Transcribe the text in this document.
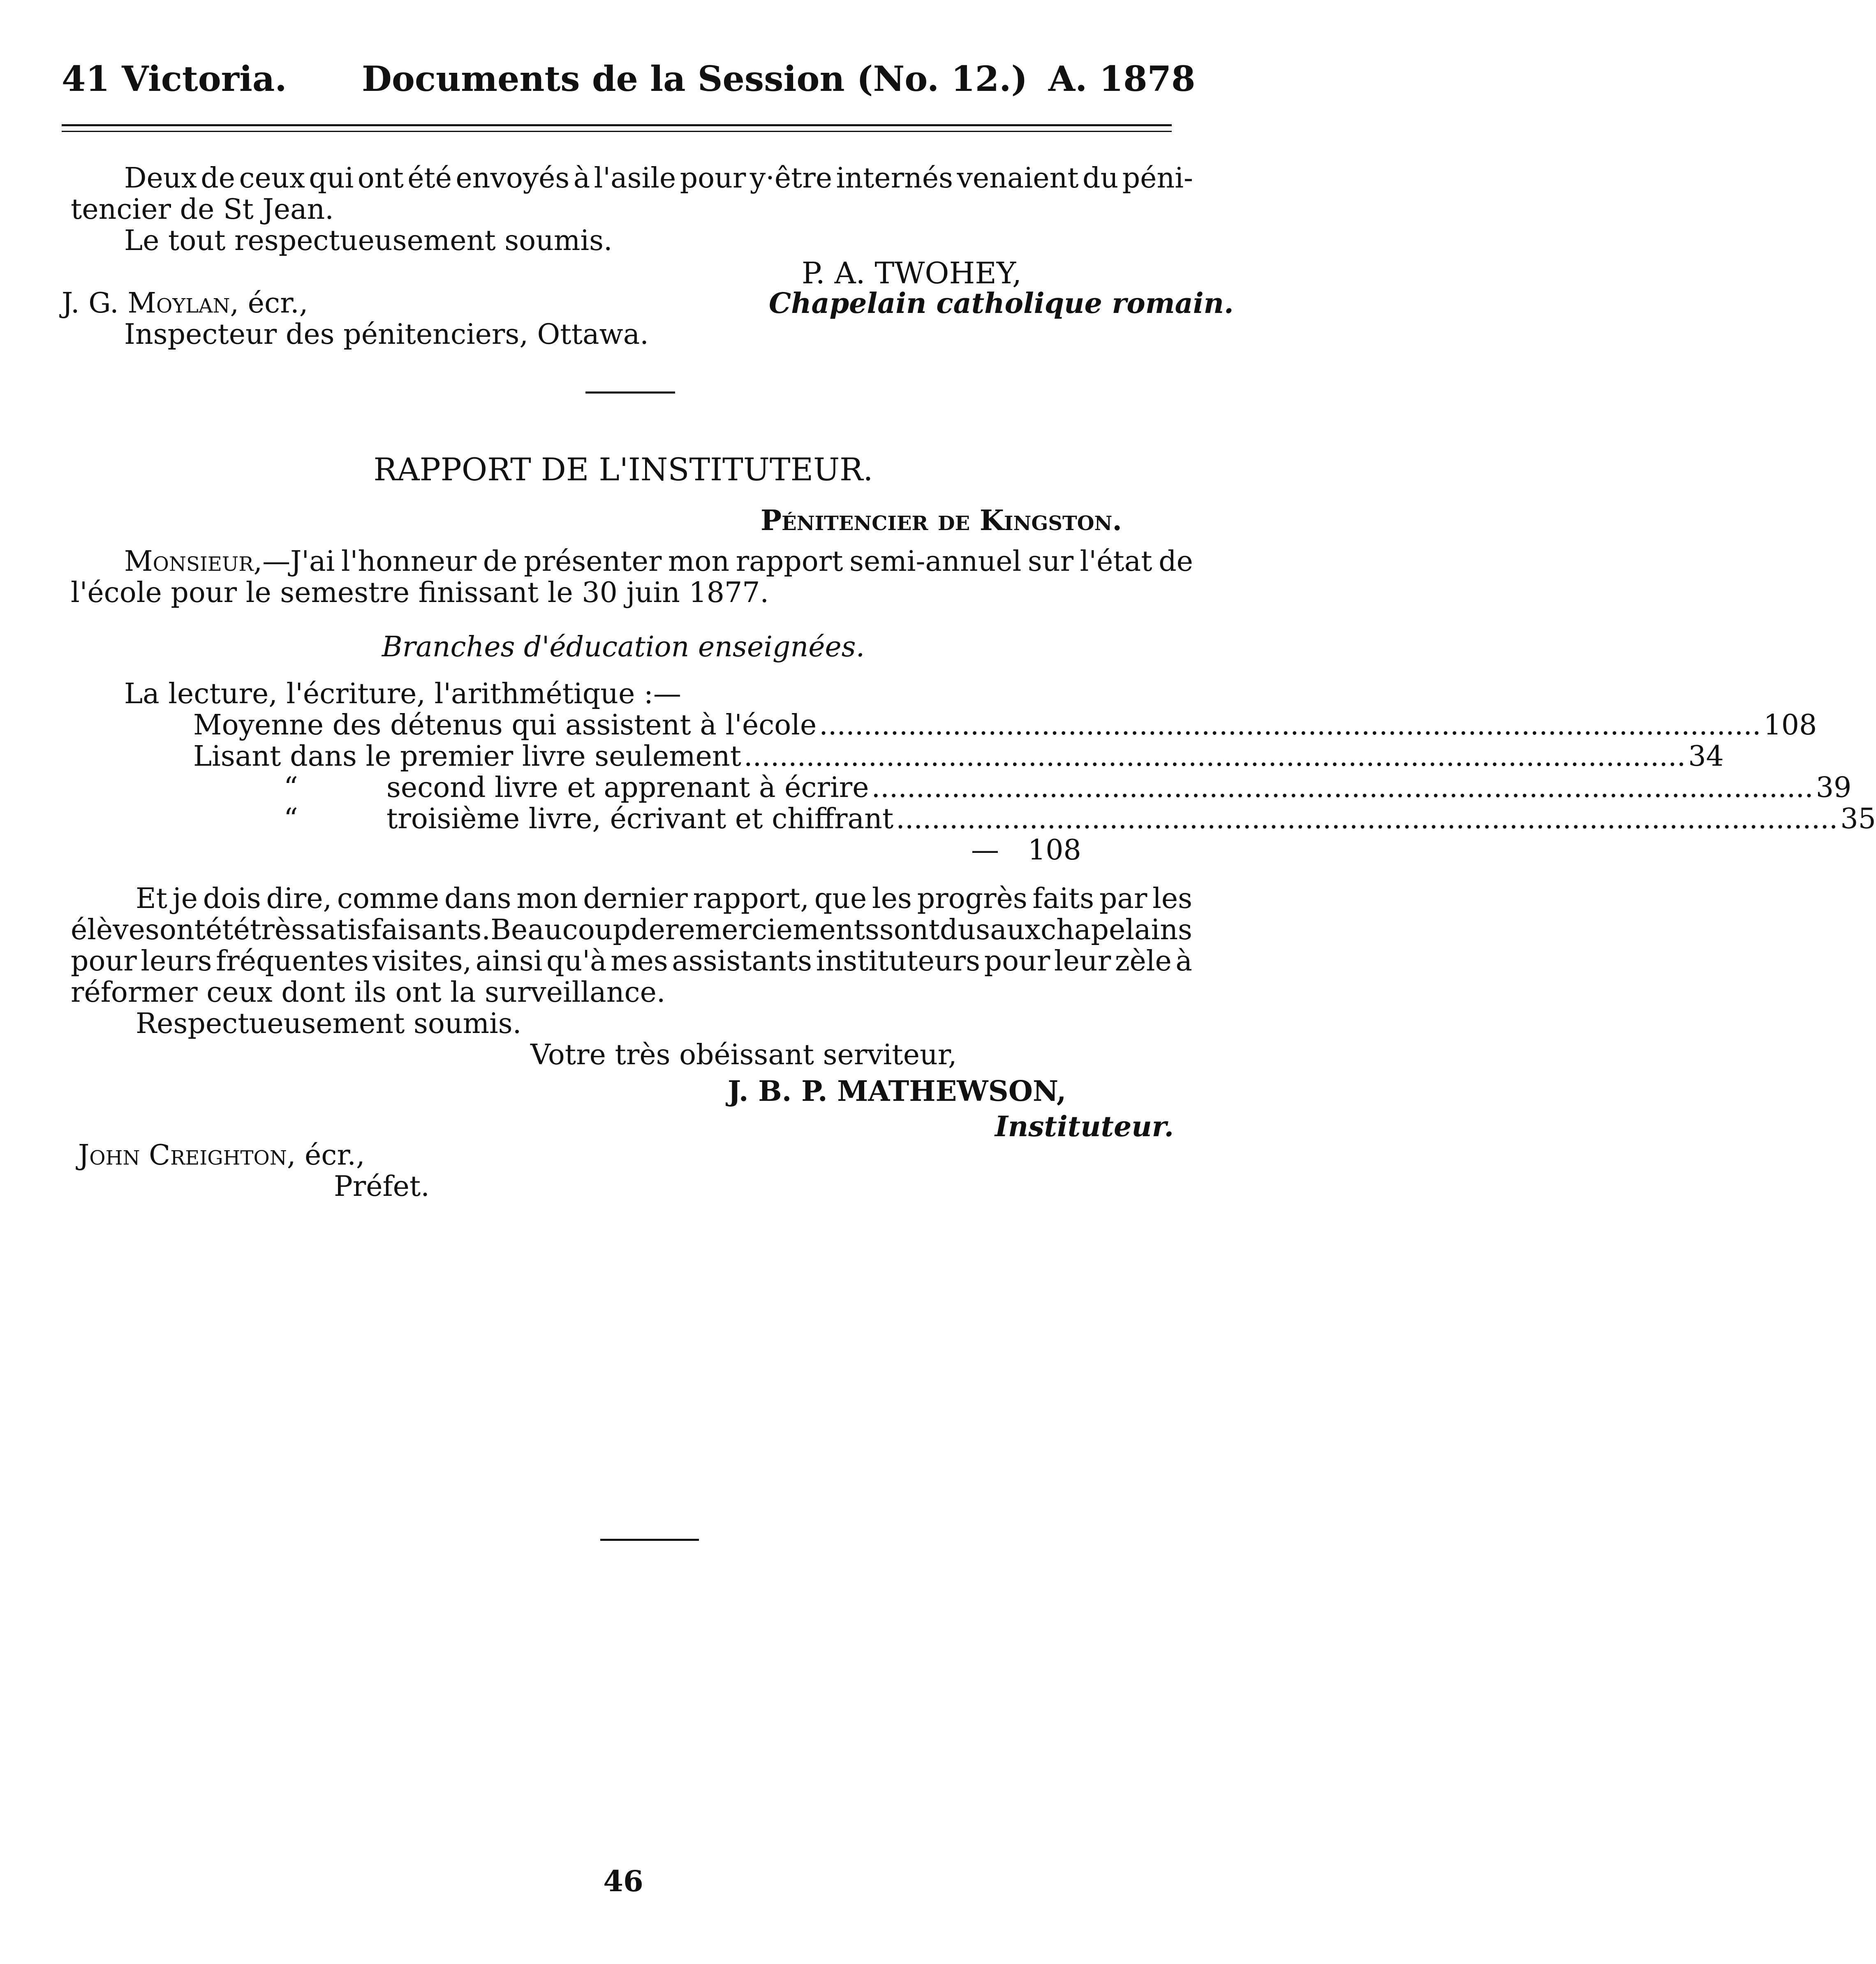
41 Victoria. Documents de la Session (No. 12.) A. 1878
Deux de ceux qui ont été envoyés à l'asile pour y·être internés venaient du péni-
tencier de St Jean.
Le tout respectueusement soumis.
P. A. TWOHEY,
Chapelain catholique romain.
J. G. Moylan, écr.,
Inspecteur des pénitenciers, Ottawa.
RAPPORT DE L'INSTITUTEUR.
Pénitencier de Kingston.
Monsieur ,—J'ai l'honneur de présenter mon rapport semi-annuel sur l'état de
l'école pour le semestre finissant le 30 juin 1877.
Branches d'éducation enseignées.
La lecture, l'écriture, l'arithmétique :—
Moyenne des détenus qui assistent à l'école .......................................................................................................... 108
Lisant dans le premier livre seulement .......................................................................................................... 34
“	second livre et apprenant à écrire .......................................................................................................... 39
“	troisième livre, écrivant et chiffrant .......................................................................................................... 35
— 108
Et je dois dire, comme dans mon dernier rapport, que les progrès faits par les
élèves ont été très satisfaisants. Beaucoup de remerciements sont dus aux chapelains
pour leurs fréquentes visites, ainsi qu'à mes assistants instituteurs pour leur zèle à
réformer ceux dont ils ont la surveillance.
Respectueusement soumis.
Votre très obéissant serviteur,
J. B. P. MATHEWSON,
Instituteur.
John Creighton, écr.,
Préfet.
46
